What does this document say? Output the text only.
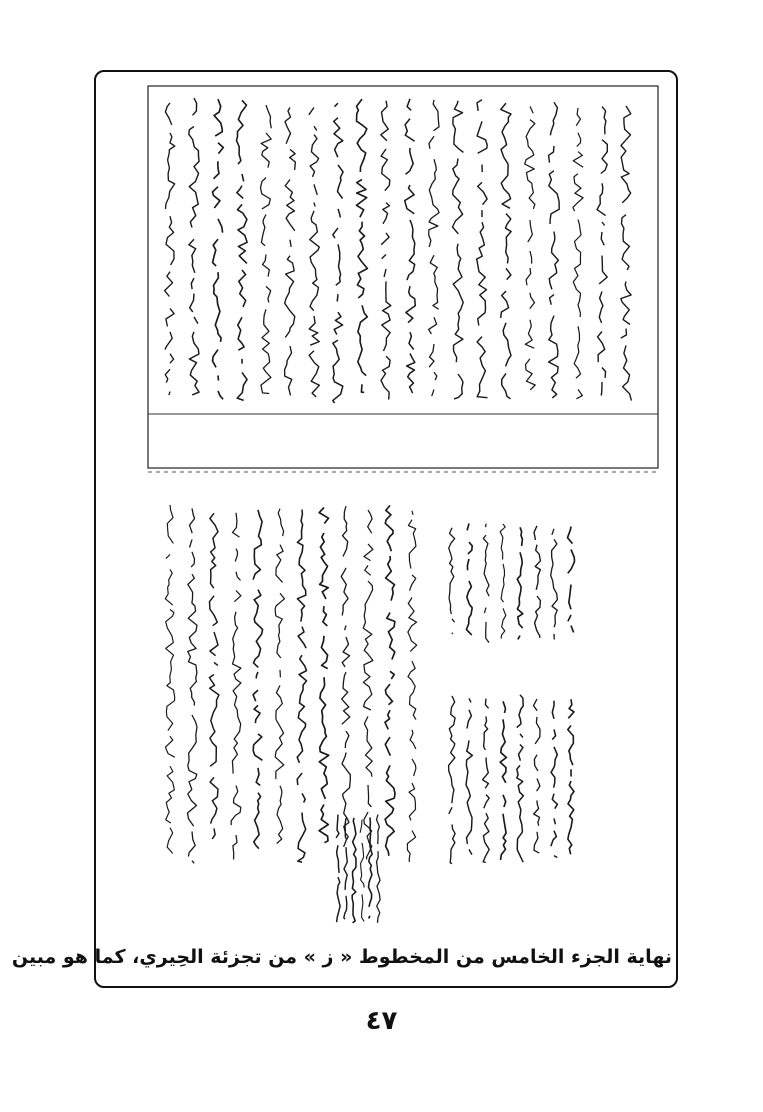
نهاية الجزء الخامس من المخطوط « ز » من تجزئة الحِيري، كما هو مبين
٤٧
